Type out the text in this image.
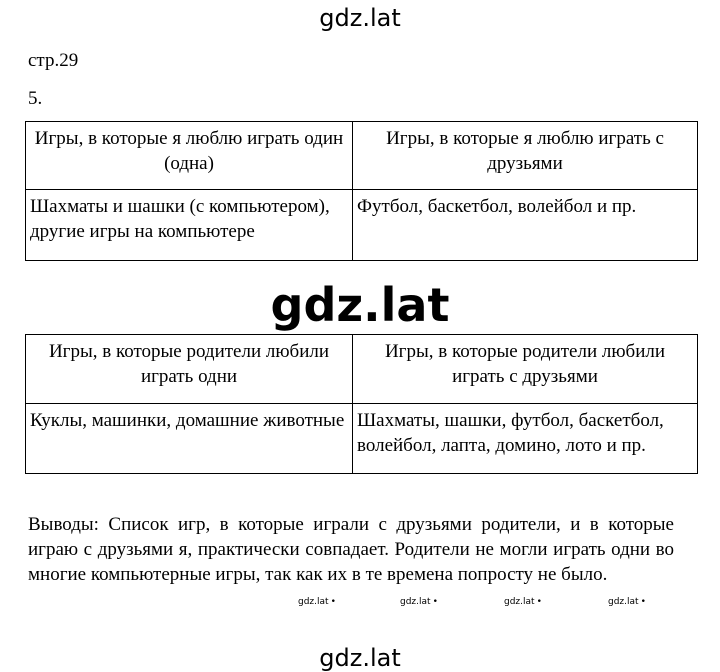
gdz.lat
стр.29
5.
Игры, в которые я люблю играть один (одна)	Игры, в которые я люблю играть с друзьями
Шахматы и шашки (с компьютером), другие игры на компьютере	Футбол, баскетбол, волейбол и пр.
gdz.lat
Игры, в которые родители любили играть одни	Игры, в которые родители любили играть с друзьями
Куклы, машинки, домашние животные	Шахматы, шашки, футбол, баскетбол, волейбол, лапта, домино, лото и пр.
Выводы: Список игр, в которые играли с друзьями родители, и в которые играю с друзьями я, практически совпадает. Родители не могли играть одни во многие компьютерные игры, так как их в те времена попросту не было.
gdz.lat •	gdz.lat •	gdz.lat •	gdz.lat •
gdz.lat
